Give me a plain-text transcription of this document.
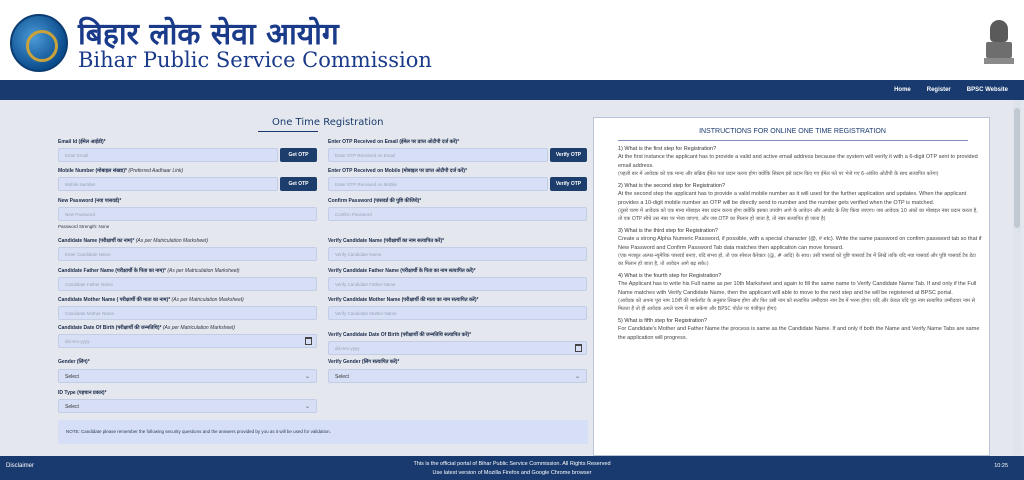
बिहार लोक सेवा आयोग
Bihar Public Service Commission
Home	Register	BPSC Website
One Time Registration
Email Id (ईमेल आईडी)*
Enter Email	Get OTP
Enter OTP Received on Email (ईमेल पर प्राप्त ओटीपी दर्ज करें)*
Enter OTP Received on Email	Verify OTP
Mobile Number (मोबाइल संख्या)* (Preferred Aadhaar Link)
Mobile Number	Get OTP
Enter OTP Received on Mobile (मोबाइल पर प्राप्त ओटीपी दर्ज करें)*
Enter OTP Received on Mobile	Verify OTP
New Password (नया पासवर्ड)*
New Password
Confirm Password (पासवर्ड की पुष्टि कीजिये)*
Confirm Password
Password Strength: None
Candidate Name (परीक्षार्थी का नाम)* (As per Matriculation Marksheet)
Enter Candidate Name
Verify Candidate Name (परीक्षार्थी का नाम सत्यापित करें)*
Verify Candidate Name
Candidate Father Name (परीक्षार्थी के पिता का नाम)* (As per Matriculation Marksheet)
Candidate Father Name
Verify Candidate Father Name (परीक्षार्थी के पिता का नाम सत्यापित करें)*
Verify Candidate Father Name
Candidate Mother Name ( परीक्षार्थी की माता का नाम)* (As per Matriculation Marksheet)
Candidate Mother Name
Verify Candidate Mother Name (परीक्षार्थी की माता का नाम सत्यापित करें)*
Verify Candidate Mother Name
Candidate Date Of Birth (परीक्षार्थी की जन्मतिथि)* (As per Matriculation Marksheet)
dd-mm-yyyy
Verify Candidate Date Of Birth (परीक्षार्थी की जन्मतिथि सत्यापित करें)*
dd-mm-yyyy
Gender (लिंग)*
Select	⌄
Verify Gender (लिंग सत्यापित करें)*
Select	⌄
ID Type (पहचान प्रकार)*
Select	⌄
NOTE: Candidate please remember the following security questions and the answers provided by you as it will be used for validation.
INSTRUCTIONS FOR ONLINE ONE TIME REGISTRATION
1) What is the first step for Registration?
At the first instance the applicant has to provide a valid and active email address because the system will verify it with a 6-digit OTP sent to provided email address.
(पहली बार में आवेदक को एक मान्य और सक्रिय ईमेल पता प्रदान करना होगा क्योंकि सिस्टम इसे प्रदान किए गए ईमेल पते पर भेजे गए 6-अंकीय ओटीपी के साथ सत्यापित करेगा)
2) What is the second step for Registration?
At the second step the applicant has to provide a valid mobile number as it will used for the further application and updates. When the applicant provides a 10-digit mobile number an OTP will be directly send to number and the number gets verified when the OTP is matched.
(दूसरे चरण में आवेदक को एक मान्य मोबाइल नंबर प्रदान करना होगा क्योंकि इसका उपयोग आगे के आवेदन और अपडेट के लिए किया जाएगा। जब आवेदक 10 अंकों का मोबाइल नंबर प्रदान करता है, तो एक OTP सीधे उस नंबर पर भेजा जाएगा, और जब OTP का मिलान हो जाता है, तो नंबर सत्यापित हो जाता है)
3) What is the third step for Registration?
Create a strong Alpha Numeric Password, if possible, with a special character (@, # etc). Write the same password on confirm password tab so that if New Password and Confirm Password Tab data matches then application can move forward.
(एक मजबूत अल्फा-न्यूमेरिक पासवर्ड बनाएं, यदि संभव हो, तो एक स्पेशल कैरेक्टर (@, # आदि) के साथ। उसी पासवर्ड को पुष्टि पासवर्ड टैब में लिखें ताकि यदि नया पासवर्ड और पुष्टि पासवर्ड टैब डेटा का मिलान हो जाता है, तो आवेदन आगे बढ़ सके।)
4) What is the fourth step for Registration?
The Applicant has to write his Full name as per 10th Marksheet and again to fill the same name to Verify Candidate Name Tab. If and only if the Full Name matches with Verify Candidate Name, then the applicant will able to move to the next step and he will be registered at BPSC portal.
(आवेदक को अपना पूरा नाम 10वीं की मार्कशीट के अनुसार लिखना होगा और फिर उसी नाम को सत्यापित उम्मीदवार नाम टैब में भरना होगा। यदि और केवल यदि पूरा नाम सत्यापित उम्मीदवार नाम से मिलता है तो ही आवेदक अगले चरण में जा सकेगा और BPSC पोर्टल पर पंजीकृत होगा)
5) What is fifth step for Registration?
For Candidate's Mother and Father Name the process is same as the Candidate Name. If and only if both the Name and Verify Name Tabs are same the application will progress.
Disclaimer	This is the official portal of Bihar Public Service Commission. All Rights Reserved
Use latest version of Mozilla Firefox and Google Chrome browser
10:25
